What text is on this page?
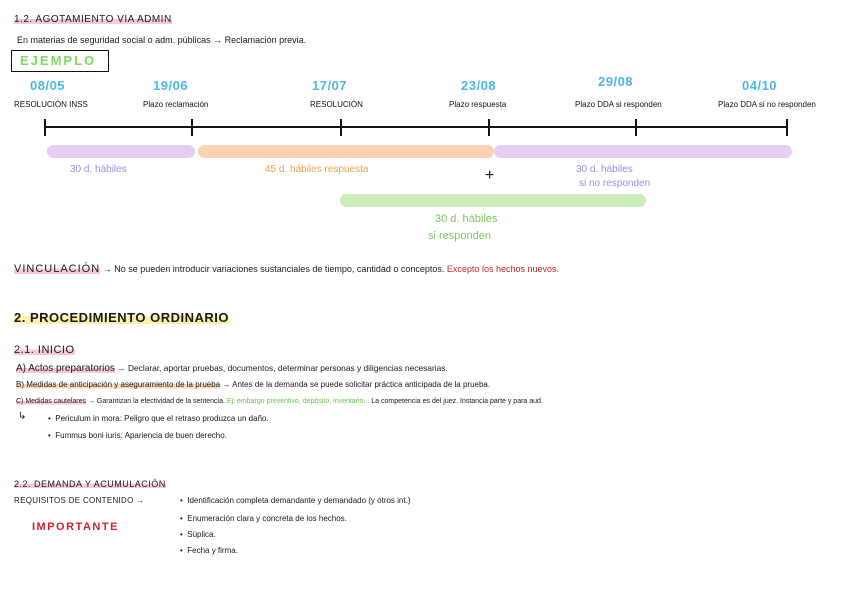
1.2. AGOTAMIENTO VIA ADMIN
En materias de seguridad social o adm. públicas → Reclamación previa.
EJEMPLO
08/05	19/06	17/07	23/08	29/08	04/10
RESOLUCIÓN INSS	Plazo reclamación	RESOLUCIÓN	Plazo respuesta	Plazo DDA si responden	Plazo DDA si no responden
30 d. hábiles	45 d. hábiles respuesta	30 d. hábiles
si no responden
+
30 d. hábiles
si responden
VINCULACIÓN → No se pueden introducir variaciones sustanciales de tiempo, cantidad o conceptos. Excepto los hechos nuevos.
2. PROCEDIMIENTO ORDINARIO
2.1. INICIO
A) Actos preparatorios → Declarar, aportar pruebas, documentos, determinar personas y diligencias necesarias.
B) Medidas de anticipación y aseguramiento de la prueba → Antes de la demanda se puede solicitar práctica anticipada de la prueba.
C) Medidas cautelares → Garantizan la efectividad de la sentencia. Ej: embargo preventivo, depósito, inventario... La competencia es del juez. Instancia parte y para aud.
↳	•  Periculum in mora: Peligro que el retraso produzca un daño.
•  Fummus boni iuris: Apariencia de buen derecho.
2.2. DEMANDA Y ACUMULACIÓN
REQUISITOS DE CONTENIDO →
IMPORTANTE
•  Identificación completa demandante y demandado (y otros int.)
•  Enumeración clara y concreta de los hechos.
•  Súplica.
•  Fecha y firma.
